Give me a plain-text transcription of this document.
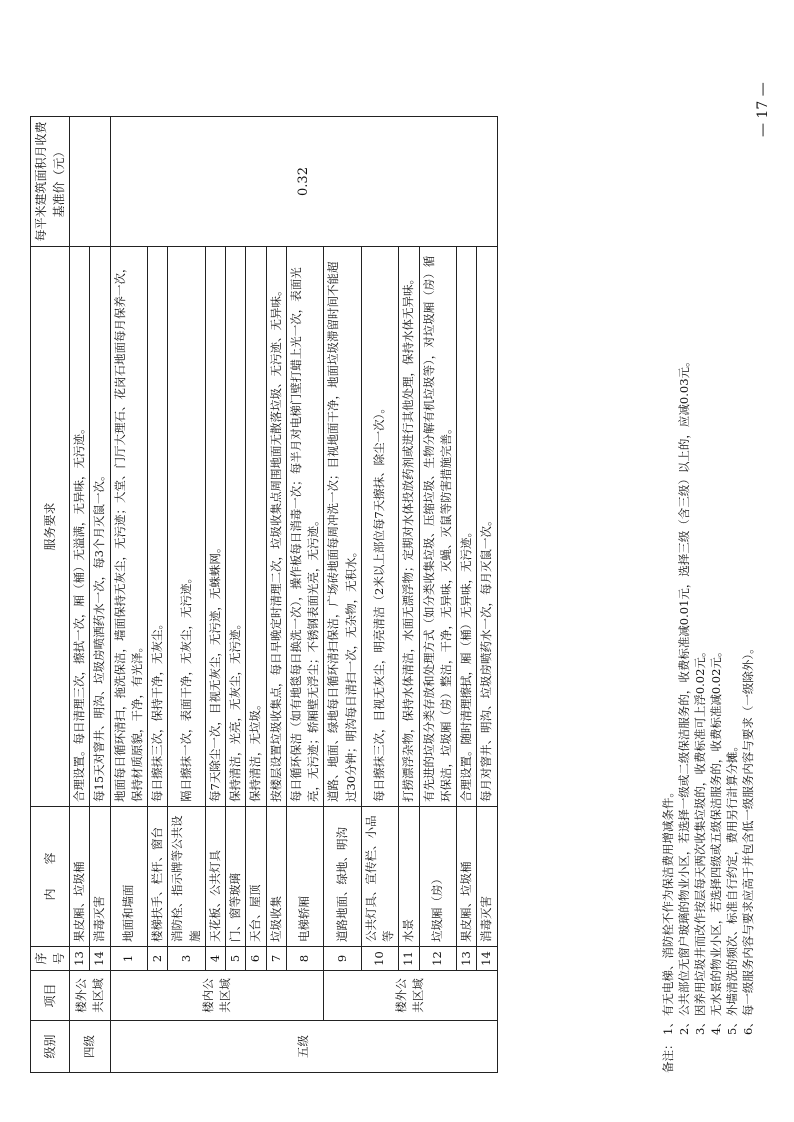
级别	项目	序号	内　　容	服务要求	每平米建筑面积月收费基准价（元）
四级	楼外公共区域	13	果皮厢、垃圾桶	合理设置。每日清理三次，擦拭一次，厢（桶）无溢满，无异味，无污迹。	
		14	消毒灭害	每15天对窨井、明沟、垃圾房喷洒药水一次，每3个月灭鼠一次。	
五级	楼内公共区域	1	地面和墙面	地面每日循环清扫，拖洗保洁，墙面保持无灰尘，无污迹；大堂、门厅大理石、花岗石地面每月保养一次，保持材质原貌，干净，有光泽。	0.32
		2	楼梯扶手、栏杆、窗台	每日擦抹三次，保持干净，无灰尘。	
		3	消防栓、指示牌等公共设施	隔日擦抹一次，表面干净，无灰尘，无污迹。	
		4	天花板、公共灯具	每7天除尘一次，目视无灰尘，无污迹，无蛛蛛网。	
		5	门、窗等玻璃	保持清洁，光亮，无灰尘，无污迹。	
		6	天台、屋顶	保持清洁，无垃圾。	
		7	垃圾收集	按楼层设置垃圾收集点，每日早晚定时清理二次，垃圾收集点周围地面无散落垃圾、无污迹、无异味。	
		8	电梯轿厢	每日循环保洁（如有地毯每日换洗一次），操作板每日消毒一次；每半月对电梯门壁打蜡上光一次，表面光亮，无污迹；轿厢壁无浮尘；不锈钢表面光亮，无污迹。	
	楼外公共区域	9	道路地面、绿地、明沟	道路、地面、绿地每日循环清扫保洁，广场砖地面每周冲洗一次；目视地面干净，地面垃圾滞留时间不能超过30分钟；明沟每日清扫一次，无杂物，无积水。	
		10	公共灯具、宣传栏、小品等	每日擦抹三次，目视无灰尘，明亮清洁（2米以上部位每7天擦抹、除尘一次）。	
		11	水景	打捞漂浮杂物，保持水体清洁，水面无漂浮物；定期对水体投放药剂或进行其他处理，保持水体无异味。	
		12	垃圾厢（房）	有先进的垃圾分类存放和处理方式（如分类收集垃圾、压缩垃圾、生物分解有机垃圾等），对垃圾厢（房）循环保洁，垃圾厢（房）整洁，干净，无异味，灭蝇、灭鼠等防害措施完善。	
		13	果皮厢、垃圾桶	合理设置。随时清理擦拭，厢（桶）无异味，无污迹。	
		14	消毒灭害	每月对窨井、明沟、垃圾房喷药水一次，每月灭鼠一次。	
备注：
1、有无电梯、消防栓不作为保洁费用增减条件。 2、公共部位无窗户玻璃的物业小区，若选择一级或二级保洁服务的，收费标准减0.01元，选择三级（含三级）以上的，应减0.03元。 3、因养用垃圾井而改作按层每天两次收集垃圾的，收费标准可上浮0.02元。 4、无水景的物业小区，若选择四级或五级保洁服务的，收费标准减0.02元。 5、外墙清洗的频次、标准自行约定，费用另行計算分摊。 6、每一级服务内容与要求应高于并包含低一级服务内容与要求（一级除外）。
— 17 —
